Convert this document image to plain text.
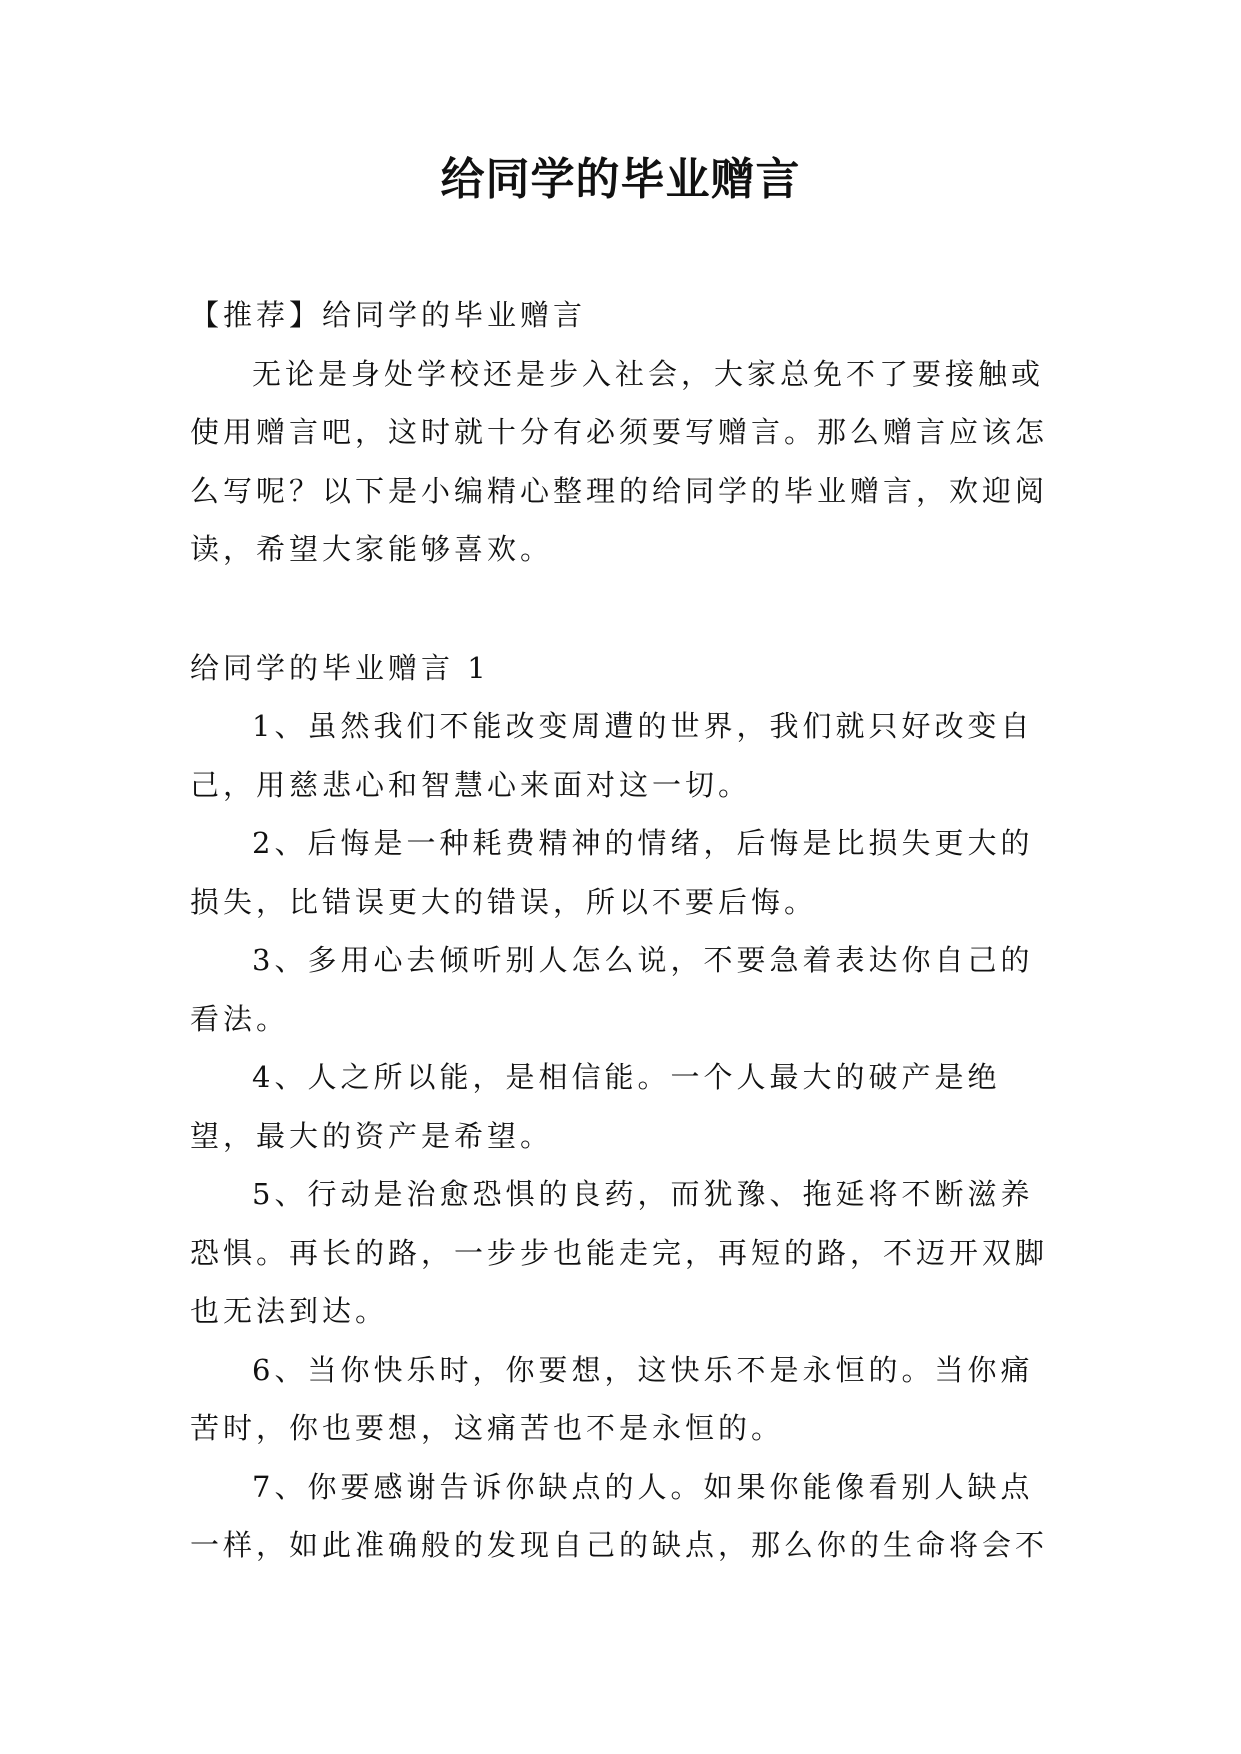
给同学的毕业赠言

【推荐】给同学的毕业赠言

无论是身处学校还是步入社会，大家总免不了要接触或使用赠言吧，这时就十分有必须要写赠言。那么赠言应该怎么写呢？以下是小编精心整理的给同学的毕业赠言，欢迎阅读，希望大家能够喜欢。

给同学的毕业赠言 1

1、虽然我们不能改变周遭的世界，我们就只好改变自己，用慈悲心和智慧心来面对这一切。

2、后悔是一种耗费精神的情绪，后悔是比损失更大的损失，比错误更大的错误，所以不要后悔。

3、多用心去倾听别人怎么说，不要急着表达你自己的看法。

4、人之所以能，是相信能。一个人最大的破产是绝望，最大的资产是希望。

5、行动是治愈恐惧的良药，而犹豫、拖延将不断滋养恐惧。再长的路，一步步也能走完，再短的路，不迈开双脚也无法到达。

6、当你快乐时，你要想，这快乐不是永恒的。当你痛苦时，你也要想，这痛苦也不是永恒的。

7、你要感谢告诉你缺点的人。如果你能像看别人缺点一样，如此准确般的发现自己的缺点，那么你的生命将会不
